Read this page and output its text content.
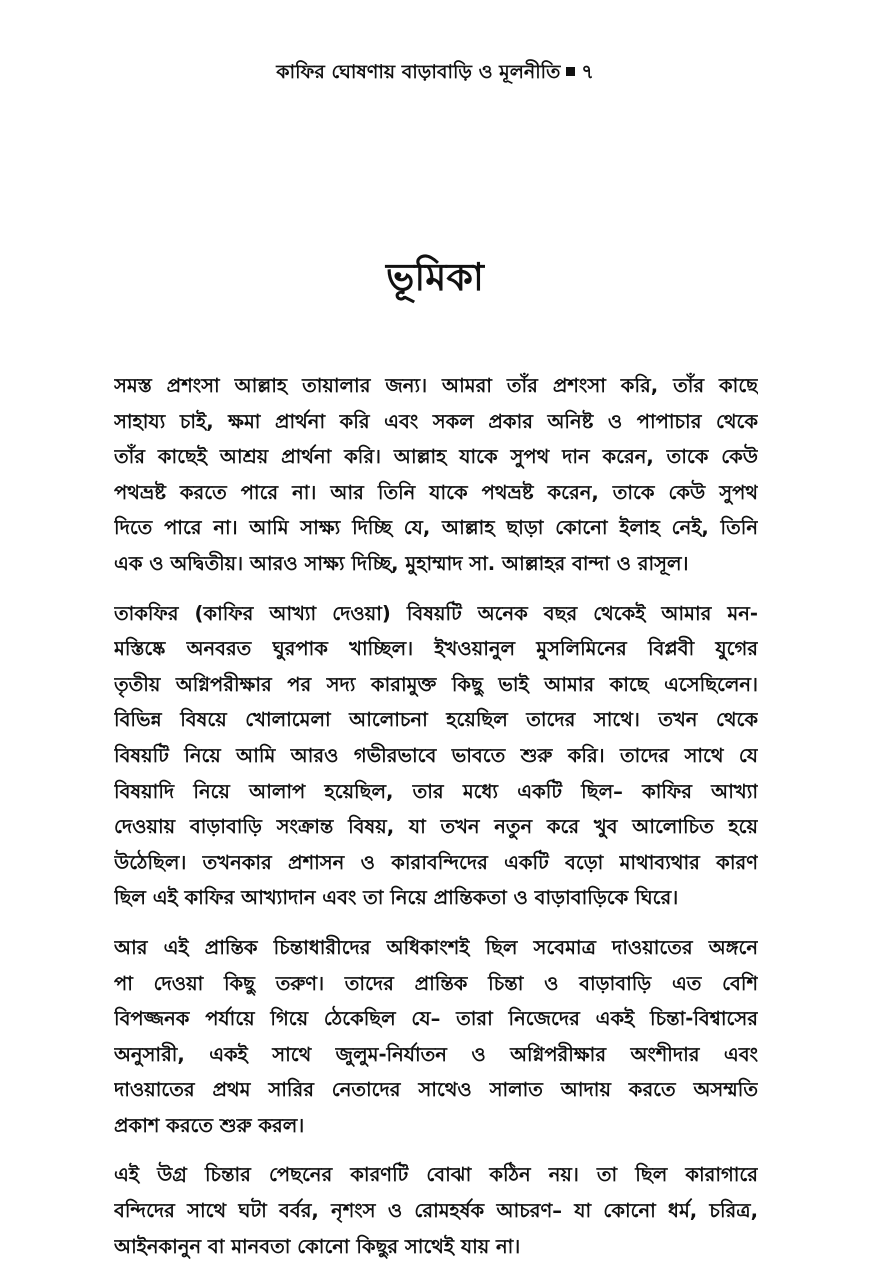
কাফির ঘোষণায় বাড়াবাড়ি ও মূলনীতি ৭
ভূমিকা

সমস্ত প্রশংসা আল্লাহ তায়ালার জন্য। আমরা তাঁর প্রশংসা করি, তাঁর কাছে
সাহায্য চাই, ক্ষমা প্রার্থনা করি এবং সকল প্রকার অনিষ্ট ও পাপাচার থেকে
তাঁর কাছেই আশ্রয় প্রার্থনা করি। আল্লাহ যাকে সুপথ দান করেন, তাকে কেউ
পথভ্রষ্ট করতে পারে না। আর তিনি যাকে পথভ্রষ্ট করেন, তাকে কেউ সুপথ
দিতে পারে না। আমি সাক্ষ্য দিচ্ছি যে, আল্লাহ ছাড়া কোনো ইলাহ নেই, তিনি
এক ও অদ্বিতীয়। আরও সাক্ষ্য দিচ্ছি, মুহাম্মাদ সা. আল্লাহর বান্দা ও রাসূল।

তাকফির (কাফির আখ্যা দেওয়া) বিষয়টি অনেক বছর থেকেই আমার মন-
মস্তিষ্কে অনবরত ঘুরপাক খাচ্ছিল। ইখওয়ানুল মুসলিমিনের বিপ্লবী যুগের
তৃতীয় অগ্নিপরীক্ষার পর সদ্য কারামুক্ত কিছু ভাই আমার কাছে এসেছিলেন।
বিভিন্ন বিষয়ে খোলামেলা আলোচনা হয়েছিল তাদের সাথে। তখন থেকে
বিষয়টি নিয়ে আমি আরও গভীরভাবে ভাবতে শুরু করি। তাদের সাথে যে
বিষয়াদি নিয়ে আলাপ হয়েছিল, তার মধ্যে একটি ছিল– কাফির আখ্যা
দেওয়ায় বাড়াবাড়ি সংক্রান্ত বিষয়, যা তখন নতুন করে খুব আলোচিত হয়ে
উঠেছিল। তখনকার প্রশাসন ও কারাবন্দিদের একটি বড়ো মাথাব্যথার কারণ
ছিল এই কাফির আখ্যাদান এবং তা নিয়ে প্রান্তিকতা ও বাড়াবাড়িকে ঘিরে।

আর এই প্রান্তিক চিন্তাধারীদের অধিকাংশই ছিল সবেমাত্র দাওয়াতের অঙ্গনে
পা দেওয়া কিছু তরুণ। তাদের প্রান্তিক চিন্তা ও বাড়াবাড়ি এত বেশি
বিপজ্জনক পর্যায়ে গিয়ে ঠেকেছিল যে– তারা নিজেদের একই চিন্তা-বিশ্বাসের
অনুসারী, একই সাথে জুলুম-নির্যাতন ও অগ্নিপরীক্ষার অংশীদার এবং
দাওয়াতের প্রথম সারির নেতাদের সাথেও সালাত আদায় করতে অসম্মতি
প্রকাশ করতে শুরু করল।

এই উগ্র চিন্তার পেছনের কারণটি বোঝা কঠিন নয়। তা ছিল কারাগারে
বন্দিদের সাথে ঘটা বর্বর, নৃশংস ও রোমহর্ষক আচরণ– যা কোনো ধর্ম, চরিত্র,
আইনকানুন বা মানবতা কোনো কিছুর সাথেই যায় না।
